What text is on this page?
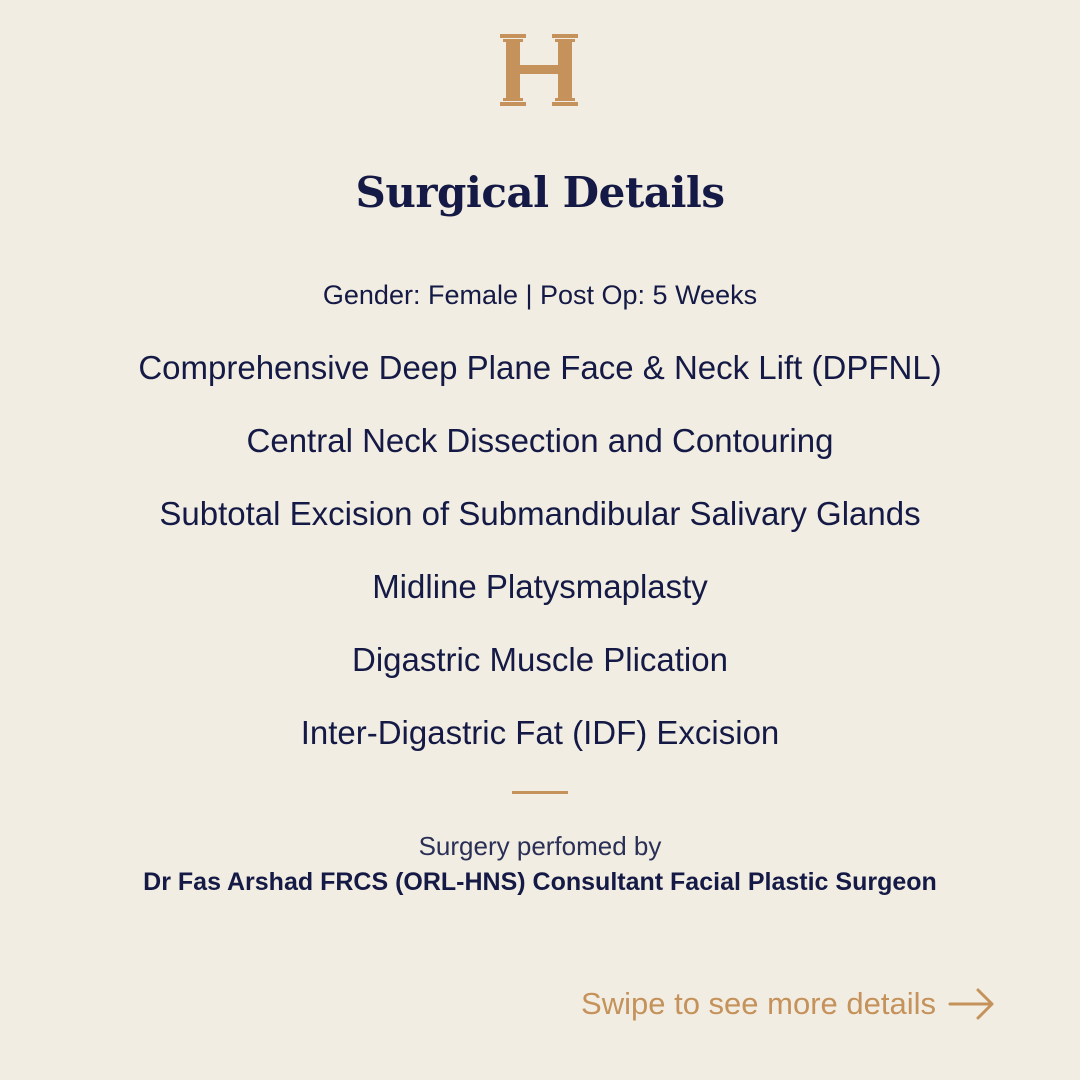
Surgical Details
Gender: Female | Post Op: 5 Weeks
Comprehensive Deep Plane Face & Neck Lift (DPFNL)
Central Neck Dissection and Contouring
Subtotal Excision of Submandibular Salivary Glands
Midline Platysmaplasty
Digastric Muscle Plication
Inter-Digastric Fat (IDF) Excision
Surgery perfomed by
Dr Fas Arshad FRCS (ORL-HNS) Consultant Facial Plastic Surgeon
Swipe to see more details
